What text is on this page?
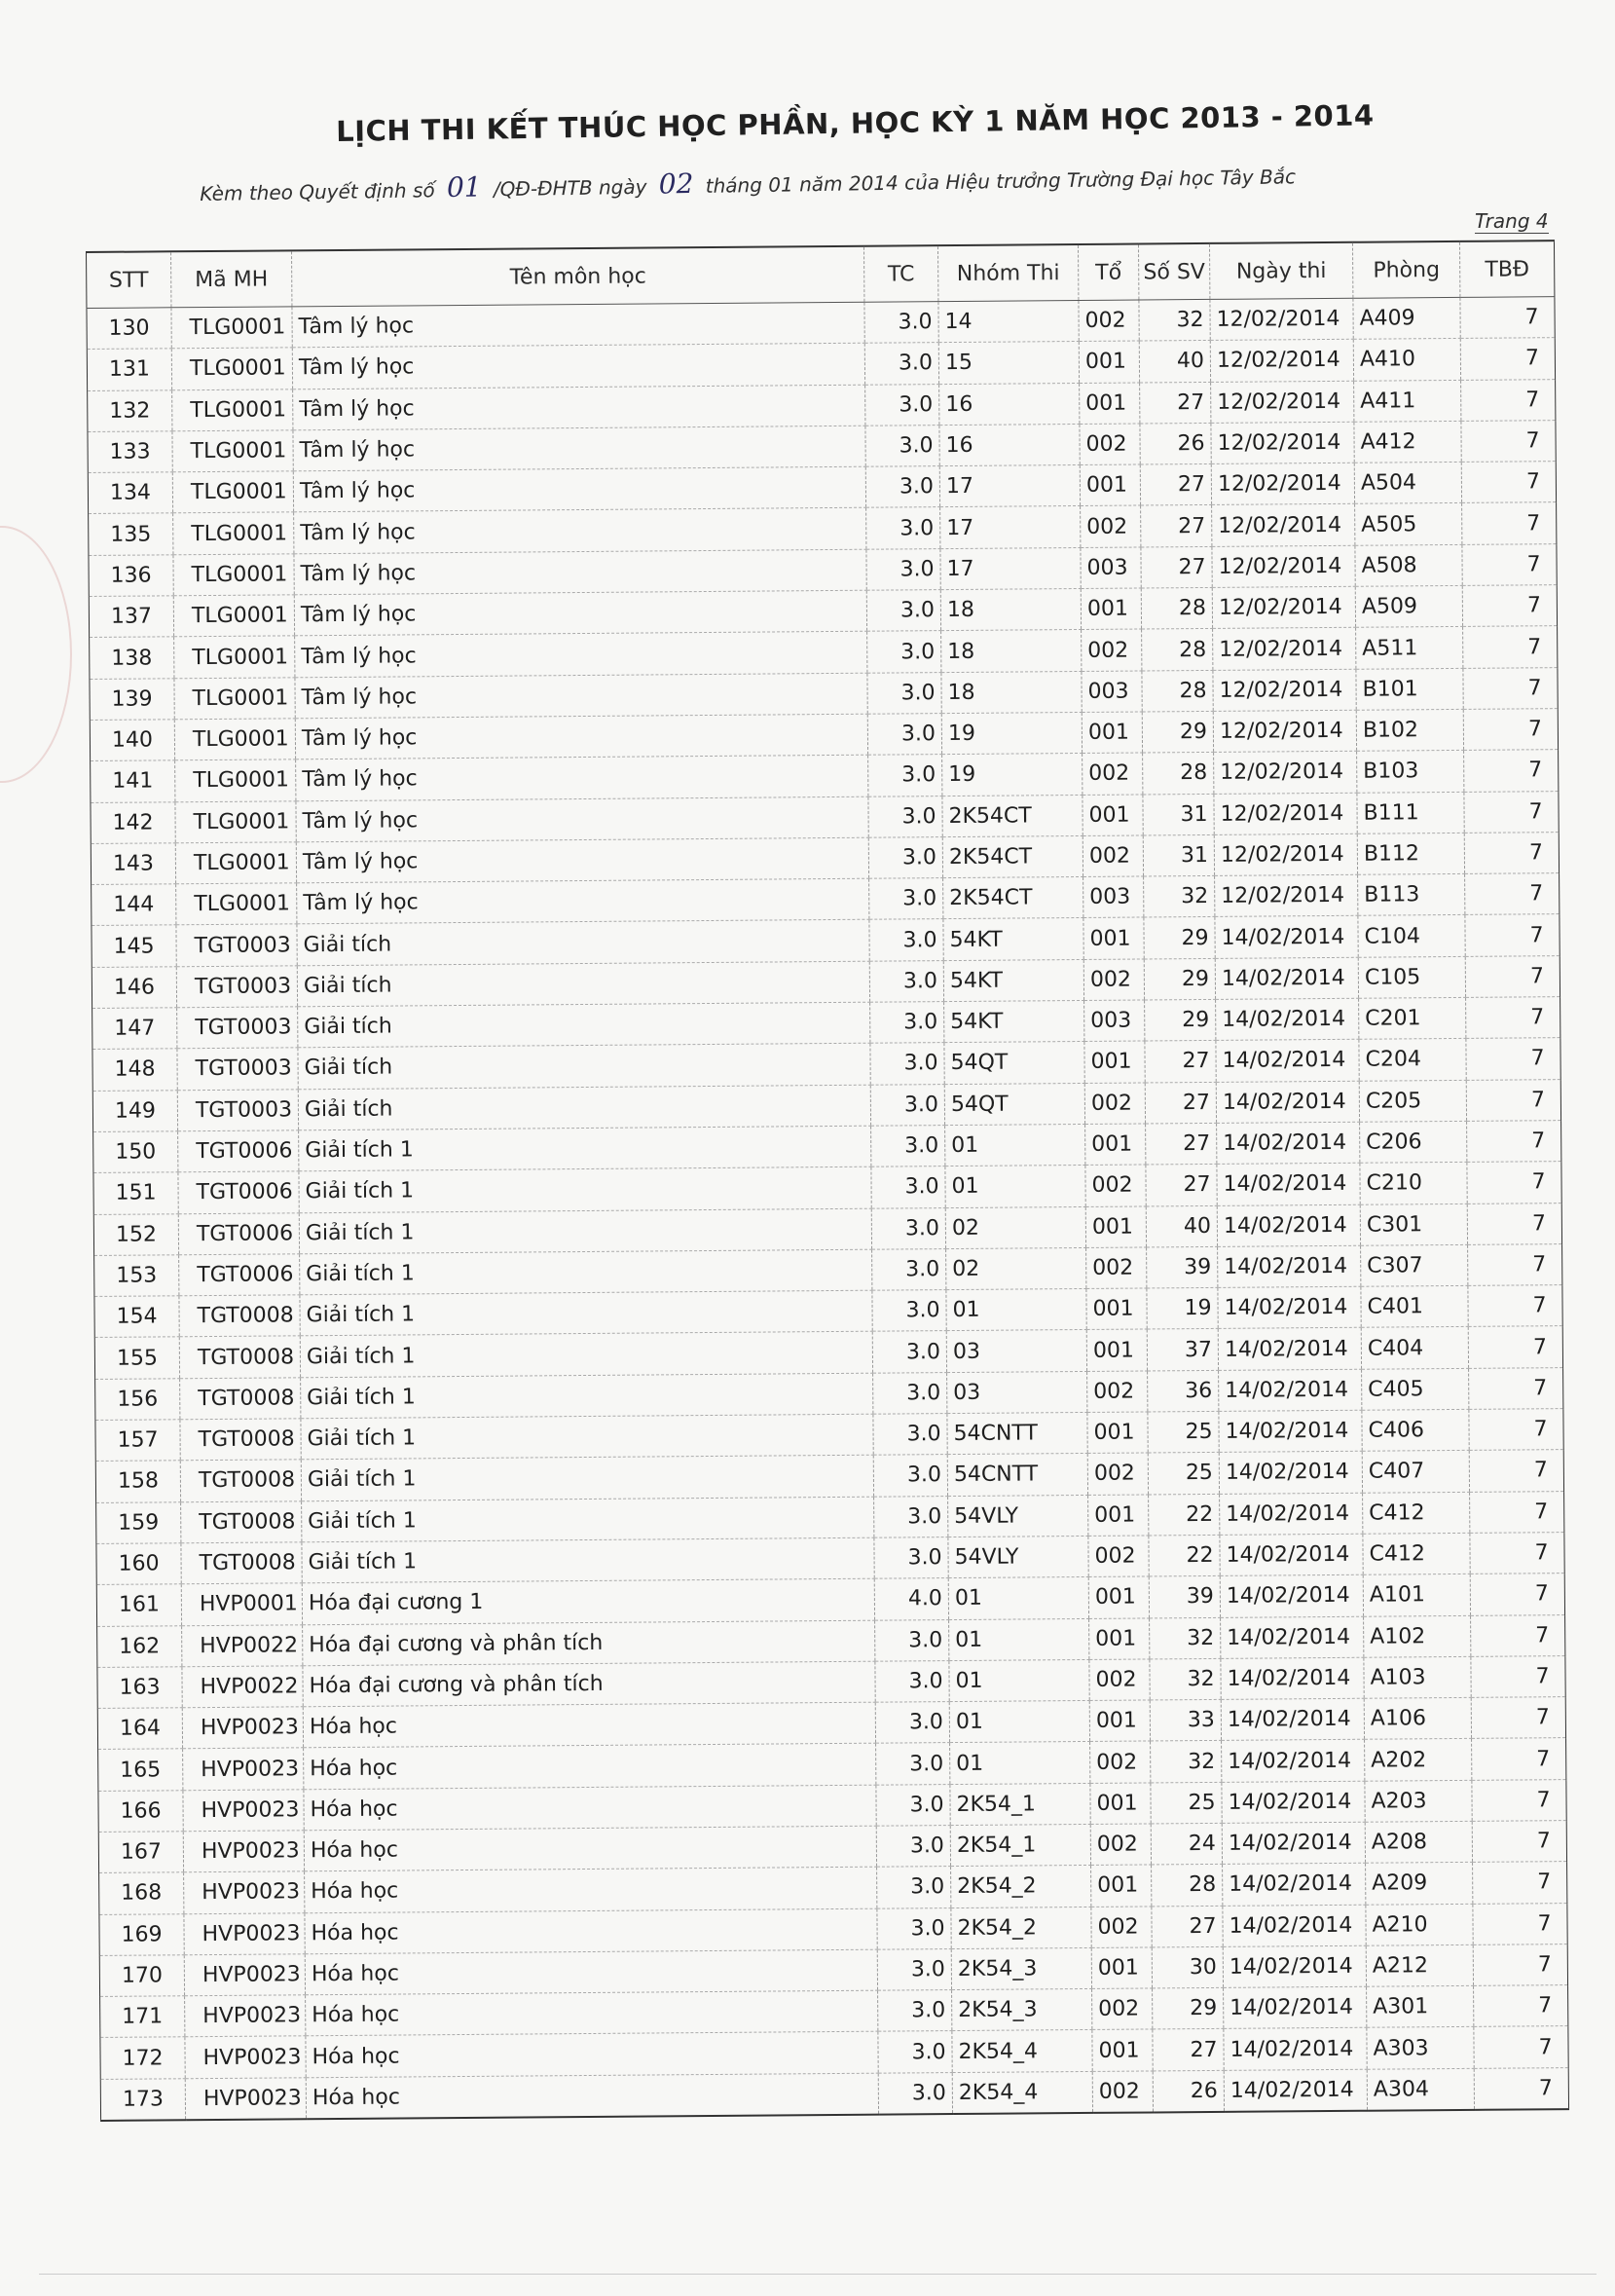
LỊCH THI KẾT THÚC HỌC PHẦN, HỌC KỲ 1 NĂM HỌC 2013 - 2014
Kèm theo Quyết định số 01 /QĐ-ĐHTB ngày 02 tháng 01 năm 2014 của Hiệu trưởng Trường Đại học Tây Bắc
Trang 4
STT	Mã MH	Tên môn học	TC	Nhóm Thi	Tổ	Số SV	Ngày thi	Phòng	TBĐ
130	TLG0001	Tâm lý học	3.0	14	002	32	12/02/2014	A409	7
131	TLG0001	Tâm lý học	3.0	15	001	40	12/02/2014	A410	7
132	TLG0001	Tâm lý học	3.0	16	001	27	12/02/2014	A411	7
133	TLG0001	Tâm lý học	3.0	16	002	26	12/02/2014	A412	7
134	TLG0001	Tâm lý học	3.0	17	001	27	12/02/2014	A504	7
135	TLG0001	Tâm lý học	3.0	17	002	27	12/02/2014	A505	7
136	TLG0001	Tâm lý học	3.0	17	003	27	12/02/2014	A508	7
137	TLG0001	Tâm lý học	3.0	18	001	28	12/02/2014	A509	7
138	TLG0001	Tâm lý học	3.0	18	002	28	12/02/2014	A511	7
139	TLG0001	Tâm lý học	3.0	18	003	28	12/02/2014	B101	7
140	TLG0001	Tâm lý học	3.0	19	001	29	12/02/2014	B102	7
141	TLG0001	Tâm lý học	3.0	19	002	28	12/02/2014	B103	7
142	TLG0001	Tâm lý học	3.0	2K54CT	001	31	12/02/2014	B111	7
143	TLG0001	Tâm lý học	3.0	2K54CT	002	31	12/02/2014	B112	7
144	TLG0001	Tâm lý học	3.0	2K54CT	003	32	12/02/2014	B113	7
145	TGT0003	Giải tích	3.0	54KT	001	29	14/02/2014	C104	7
146	TGT0003	Giải tích	3.0	54KT	002	29	14/02/2014	C105	7
147	TGT0003	Giải tích	3.0	54KT	003	29	14/02/2014	C201	7
148	TGT0003	Giải tích	3.0	54QT	001	27	14/02/2014	C204	7
149	TGT0003	Giải tích	3.0	54QT	002	27	14/02/2014	C205	7
150	TGT0006	Giải tích 1	3.0	01	001	27	14/02/2014	C206	7
151	TGT0006	Giải tích 1	3.0	01	002	27	14/02/2014	C210	7
152	TGT0006	Giải tích 1	3.0	02	001	40	14/02/2014	C301	7
153	TGT0006	Giải tích 1	3.0	02	002	39	14/02/2014	C307	7
154	TGT0008	Giải tích 1	3.0	01	001	19	14/02/2014	C401	7
155	TGT0008	Giải tích 1	3.0	03	001	37	14/02/2014	C404	7
156	TGT0008	Giải tích 1	3.0	03	002	36	14/02/2014	C405	7
157	TGT0008	Giải tích 1	3.0	54CNTT	001	25	14/02/2014	C406	7
158	TGT0008	Giải tích 1	3.0	54CNTT	002	25	14/02/2014	C407	7
159	TGT0008	Giải tích 1	3.0	54VLY	001	22	14/02/2014	C412	7
160	TGT0008	Giải tích 1	3.0	54VLY	002	22	14/02/2014	C412	7
161	HVP0001	Hóa đại cương 1	4.0	01	001	39	14/02/2014	A101	7
162	HVP0022	Hóa đại cương và phân tích	3.0	01	001	32	14/02/2014	A102	7
163	HVP0022	Hóa đại cương và phân tích	3.0	01	002	32	14/02/2014	A103	7
164	HVP0023	Hóa học	3.0	01	001	33	14/02/2014	A106	7
165	HVP0023	Hóa học	3.0	01	002	32	14/02/2014	A202	7
166	HVP0023	Hóa học	3.0	2K54_1	001	25	14/02/2014	A203	7
167	HVP0023	Hóa học	3.0	2K54_1	002	24	14/02/2014	A208	7
168	HVP0023	Hóa học	3.0	2K54_2	001	28	14/02/2014	A209	7
169	HVP0023	Hóa học	3.0	2K54_2	002	27	14/02/2014	A210	7
170	HVP0023	Hóa học	3.0	2K54_3	001	30	14/02/2014	A212	7
171	HVP0023	Hóa học	3.0	2K54_3	002	29	14/02/2014	A301	7
172	HVP0023	Hóa học	3.0	2K54_4	001	27	14/02/2014	A303	7
173	HVP0023	Hóa học	3.0	2K54_4	002	26	14/02/2014	A304	7
